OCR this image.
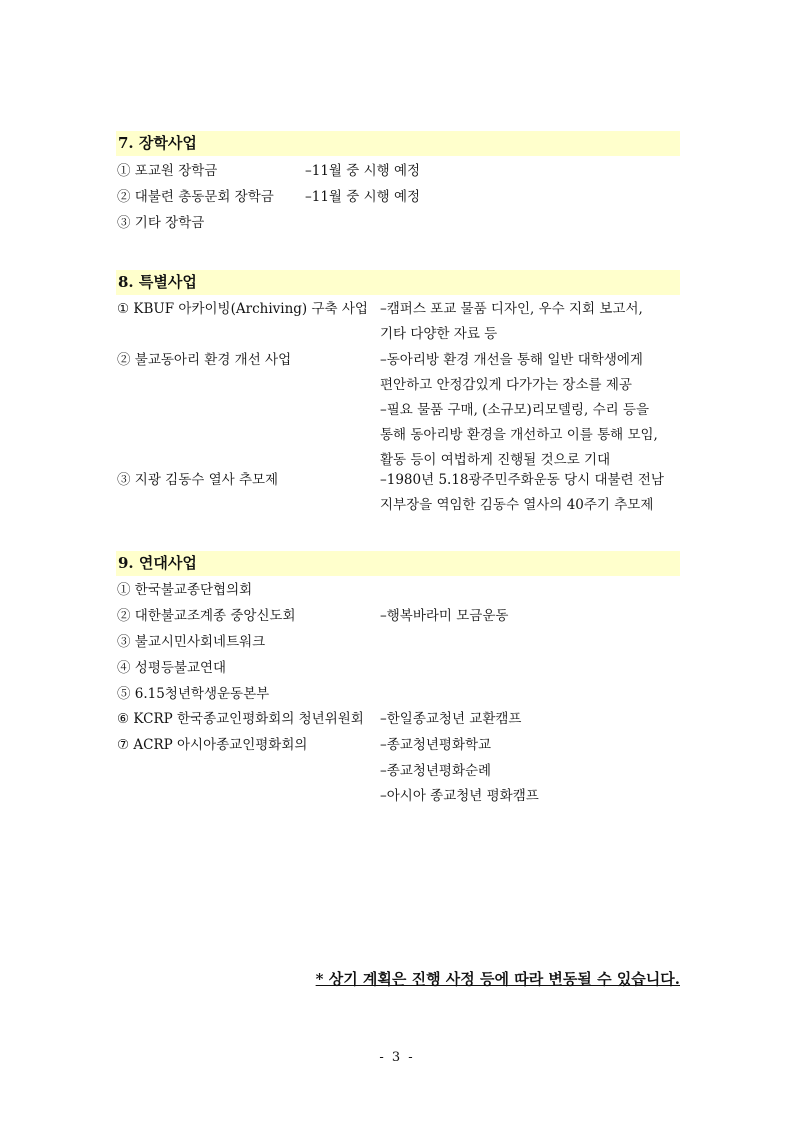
7. 장학사업
① 포교원 장학금	–11월 중 시행 예정
② 대불련 총동문회 장학금 –11월 중 시행 예정
③ 기타 장학금
8. 특별사업
① KBUF 아카이빙(Archiving) 구축 사업 –캠퍼스 포교 물품 디자인, 우수 지회 보고서,
기타 다양한 자료 등
② 불교동아리 환경 개선 사업	–동아리방 환경 개선을 통해 일반 대학생에게
편안하고 안정감있게 다가가는 장소를 제공
–필요 물품 구매, (소규모)리모델링, 수리 등을
통해 동아리방 환경을 개선하고 이를 통해 모임,
활동 등이 여법하게 진행될 것으로 기대
③ 지광 김동수 열사 추모제	–1980년 5.18광주민주화운동 당시 대불련 전남
지부장을 역임한 김동수 열사의 40주기 추모제
9. 연대사업
① 한국불교종단협의회
② 대한불교조계종 중앙신도회	–행복바라미 모금운동
③ 불교시민사회네트워크
④ 성평등불교연대
⑤ 6.15청년학생운동본부
⑥ KCRP 한국종교인평화회의 청년위원회 –한일종교청년 교환캠프
⑦ ACRP 아시아종교인평화회의	–종교청년평화학교
–종교청년평화순례
–아시아 종교청년 평화캠프
* 상기 계획은 진행 사정 등에 따라 변동될 수 있습니다.
- 3 -
